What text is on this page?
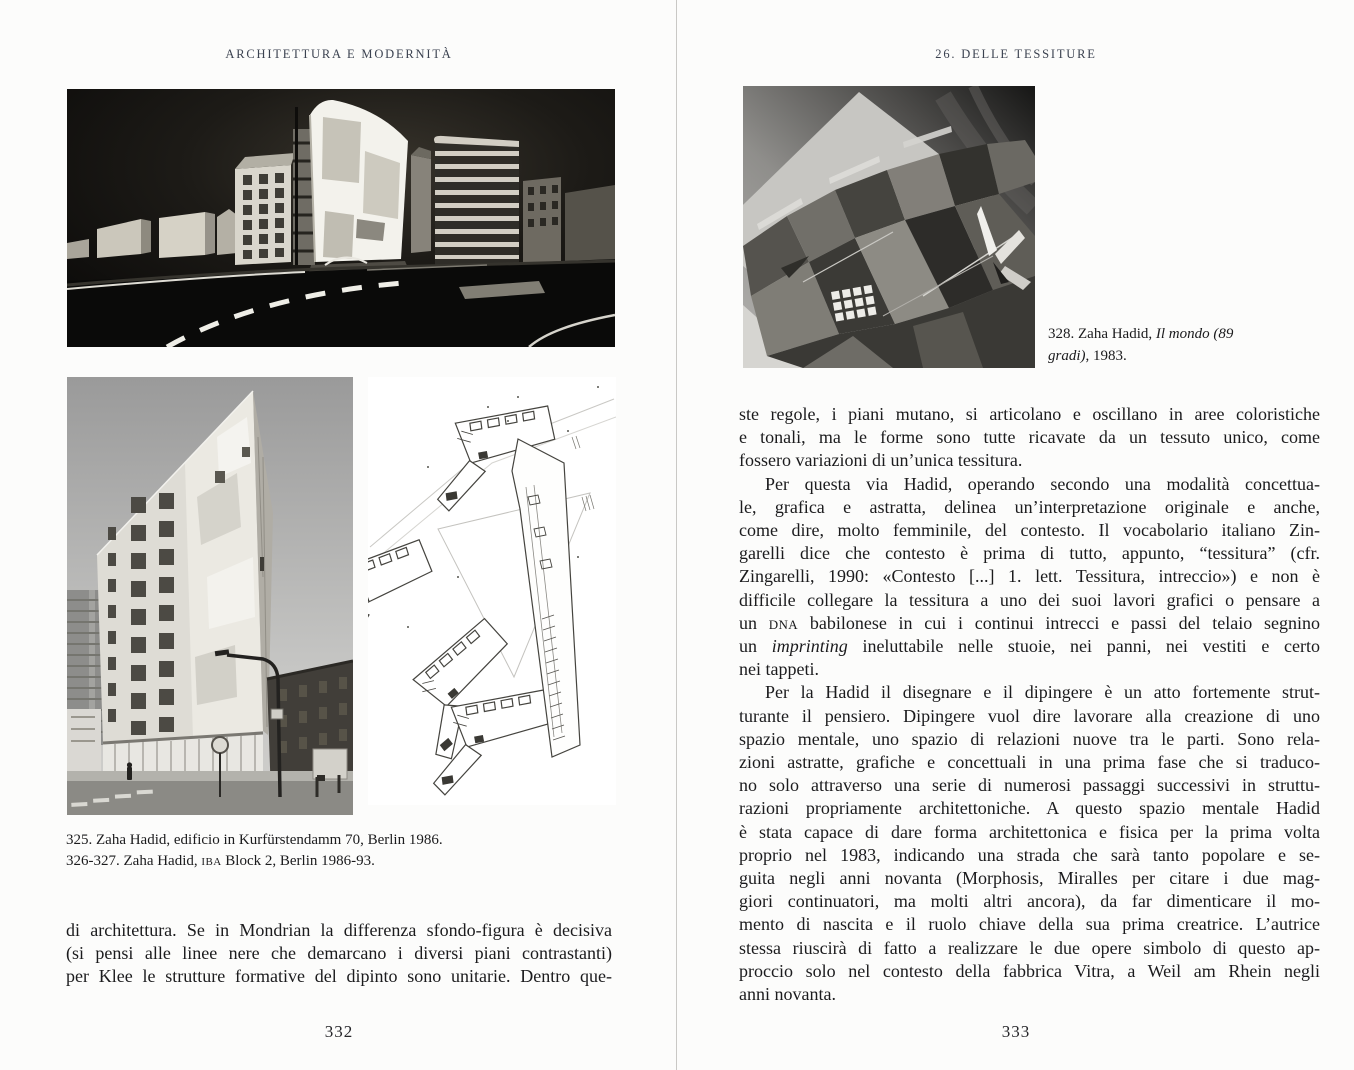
ARCHITETTURA E MODERNITÀ
325. Zaha Hadid, edificio in Kurfürstendamm 70, Berlin 1986.
326-327. Zaha Hadid, IBA Block 2, Berlin 1986-93.
di architettura. Se in Mondrian la differenza sfondo-figura è decisiva
(si pensi alle linee nere che demarcano i diversi piani contrastanti)
per Klee le strutture formative del dipinto sono unitarie. Dentro que-
332
26. DELLE TESSITURE
328. Zaha Hadid, Il mondo (89
gradi), 1983.
ste regole, i piani mutano, si articolano e oscillano in aree coloristiche
e tonali, ma le forme sono tutte ricavate da un tessuto unico, come
fossero variazioni di un’unica tessitura.
Per questa via Hadid, operando secondo una modalità concettua-
le, grafica e astratta, delinea un’interpretazione originale e anche,
come dire, molto femminile, del contesto. Il vocabolario italiano Zin-
garelli dice che contesto è prima di tutto, appunto, “tessitura” (cfr.
Zingarelli, 1990: «Contesto [...] 1. lett. Tessitura, intreccio») e non è
difficile collegare la tessitura a uno dei suoi lavori grafici o pensare a
un DNA babilonese in cui i continui intrecci e passi del telaio segnino
un imprinting ineluttabile nelle stuoie, nei panni, nei vestiti e certo
nei tappeti.
Per la Hadid il disegnare e il dipingere è un atto fortemente strut-
turante il pensiero. Dipingere vuol dire lavorare alla creazione di uno
spazio mentale, uno spazio di relazioni nuove tra le parti. Sono rela-
zioni astratte, grafiche e concettuali in una prima fase che si traduco-
no solo attraverso una serie di numerosi passaggi successivi in struttu-
razioni propriamente architettoniche. A questo spazio mentale Hadid
è stata capace di dare forma architettonica e fisica per la prima volta
proprio nel 1983, indicando una strada che sarà tanto popolare e se-
guita negli anni novanta (Morphosis, Miralles per citare i due mag-
giori continuatori, ma molti altri ancora), da far dimenticare il mo-
mento di nascita e il ruolo chiave della sua prima creatrice. L’autrice
stessa riuscirà di fatto a realizzare le due opere simbolo di questo ap-
proccio solo nel contesto della fabbrica Vitra, a Weil am Rhein negli
anni novanta.
333
